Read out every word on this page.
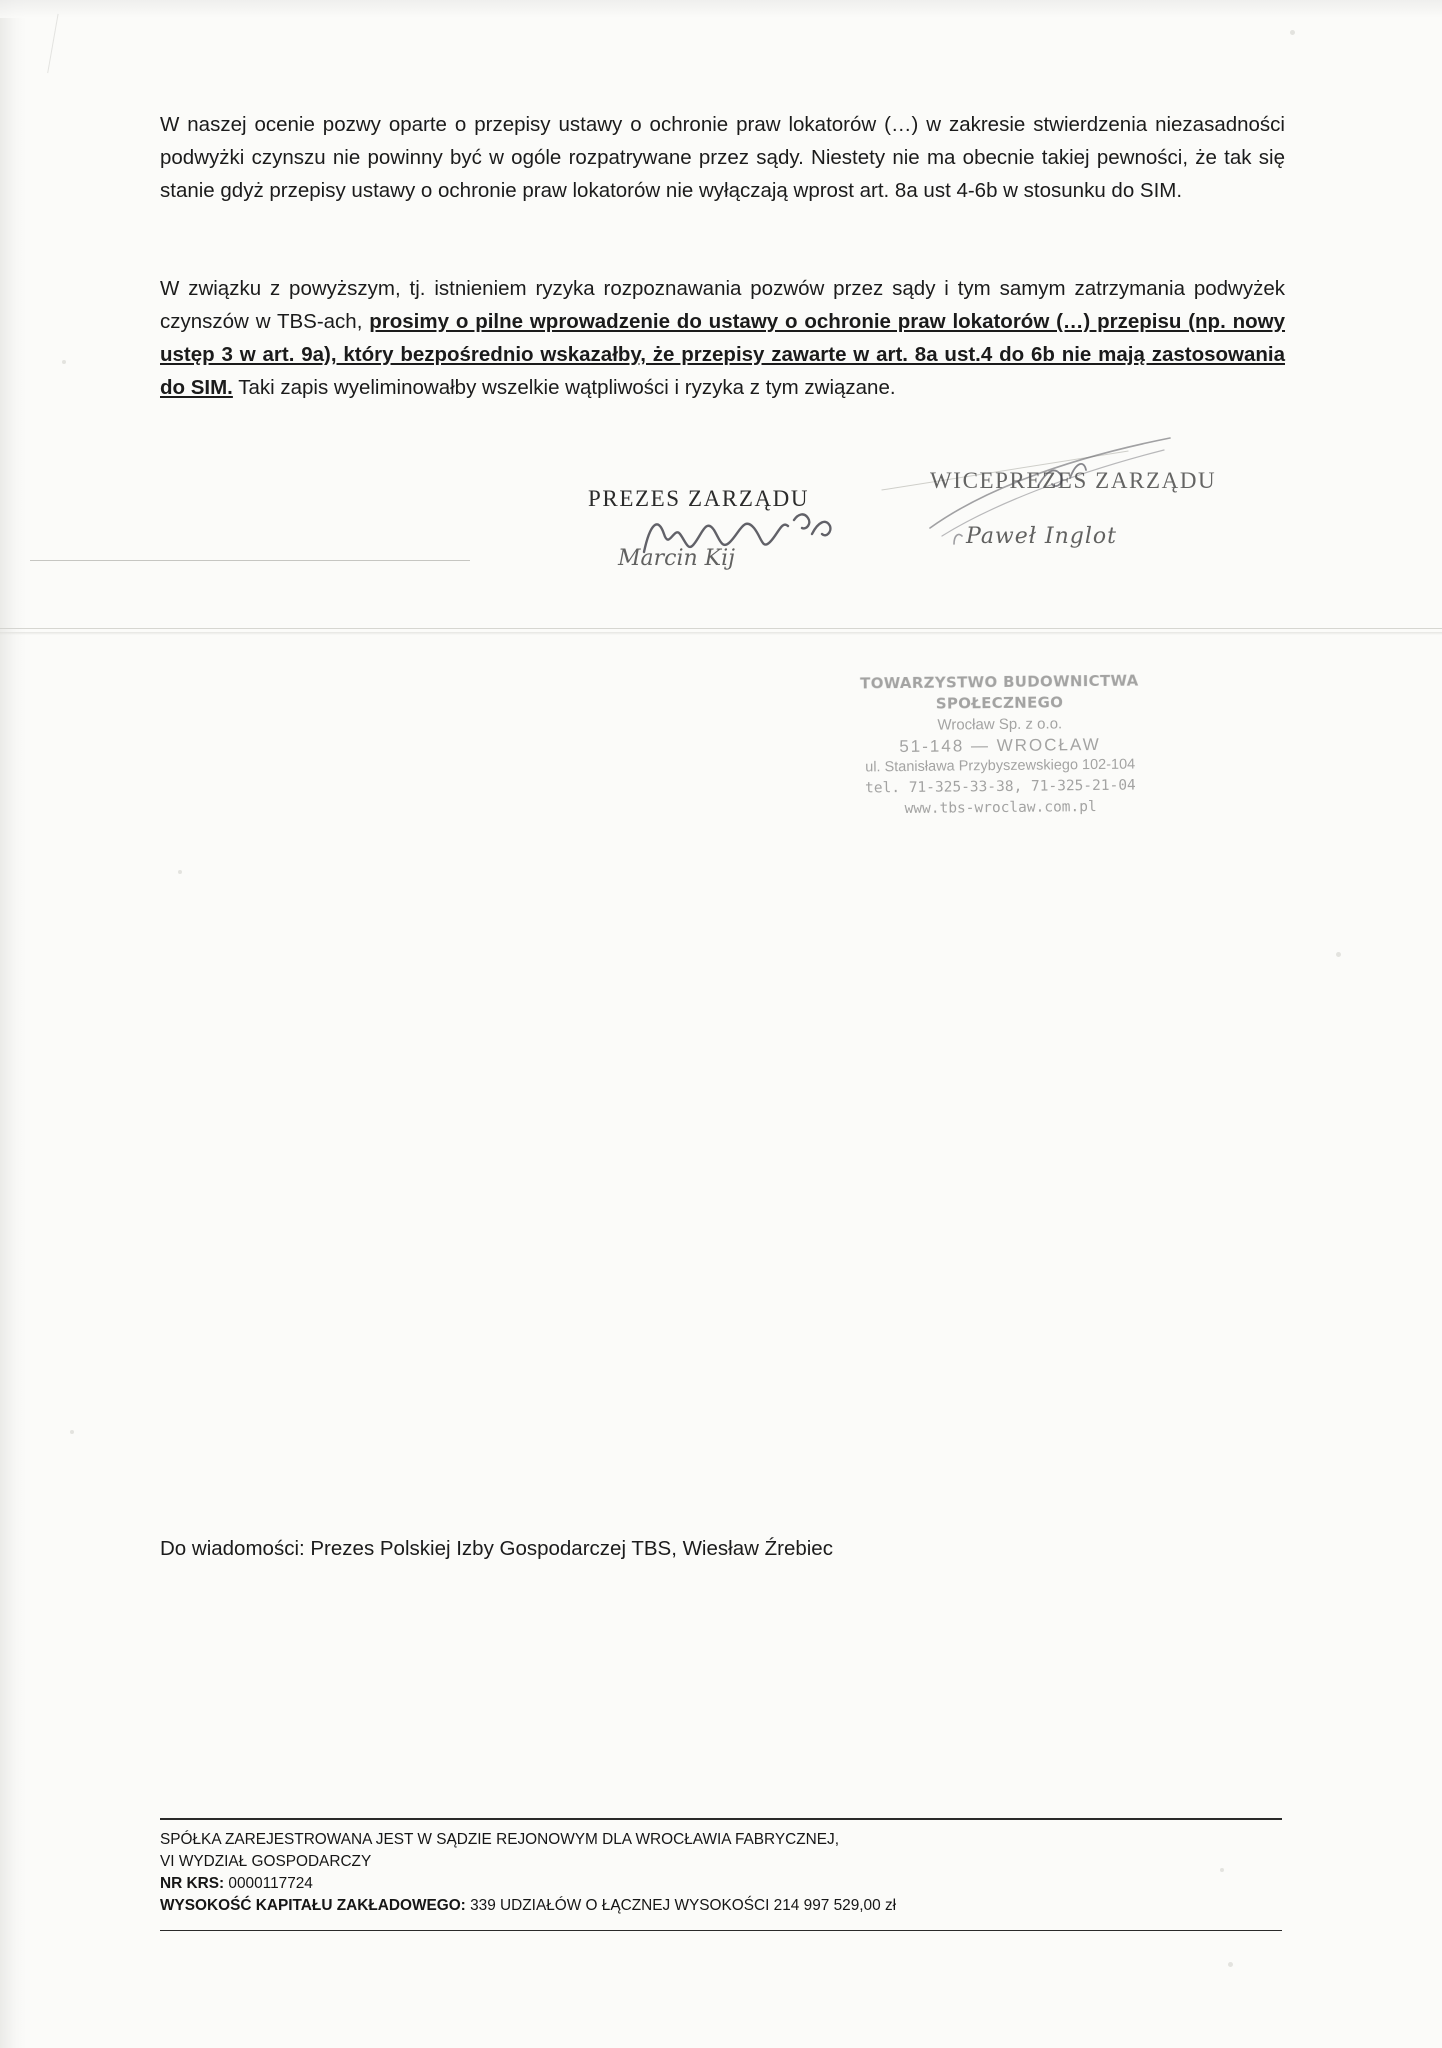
W naszej ocenie pozwy oparte o przepisy ustawy o ochronie praw lokatorów (…) w zakresie stwierdzenia niezasadności podwyżki czynszu nie powinny być w ogóle rozpatrywane przez sądy. Niestety nie ma obecnie takiej pewności, że tak się stanie gdyż przepisy ustawy o ochronie praw lokatorów nie wyłączają wprost art. 8a ust 4-6b w stosunku do SIM.
W związku z powyższym, tj. istnieniem ryzyka rozpoznawania pozwów przez sądy i tym samym zatrzymania podwyżek czynszów w TBS-ach, prosimy o pilne wprowadzenie do ustawy o ochronie praw lokatorów (…) przepisu (np. nowy ustęp 3 w art. 9a), który bezpośrednio wskazałby, że przepisy zawarte w art. 8a ust.4 do 6b nie mają zastosowania do SIM. Taki zapis wyeliminowałby wszelkie wątpliwości i ryzyka z tym związane.
PREZES ZARZĄDU
Marcin Kij
WICEPREZES ZARZĄDU
Paweł Inglot
TOWARZYSTWO BUDOWNICTWA SPOŁECZNEGO
Wrocław Sp. z o.o.
51-148 — WROCŁAW
ul. Stanisława Przybyszewskiego 102-104
tel. 71-325-33-38, 71-325-21-04
www.tbs-wroclaw.com.pl
Do wiadomości: Prezes Polskiej Izby Gospodarczej TBS, Wiesław Źrebiec
SPÓŁKA ZAREJESTROWANA JEST W SĄDZIE REJONOWYM DLA WROCŁAWIA FABRYCZNEJ,
VI WYDZIAŁ GOSPODARCZY
NR KRS: 0000117724
WYSOKOŚĆ KAPITAŁU ZAKŁADOWEGO: 339 UDZIAŁÓW O ŁĄCZNEJ WYSOKOŚCI 214 997 529,00 zł
